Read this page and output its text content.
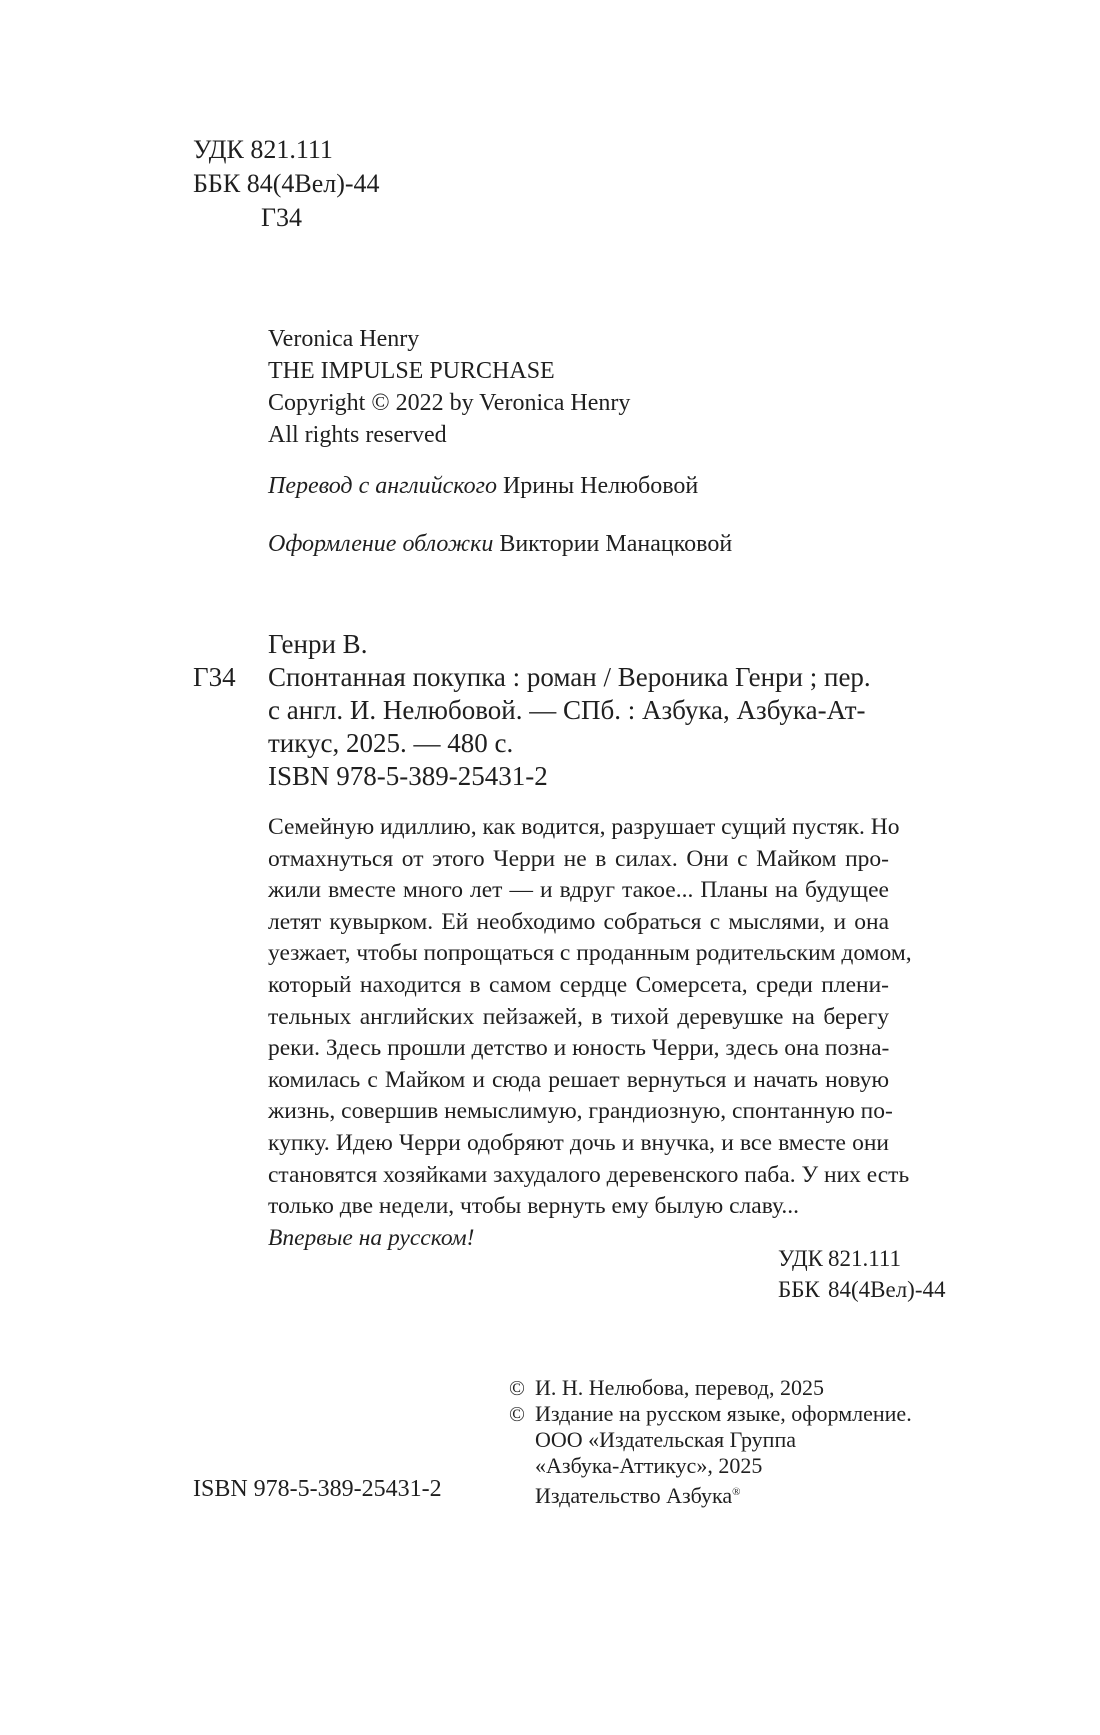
УДК 821.111
ББК 84(4Вел)-44
Г34
Veronica Henry
THE IMPULSE PURCHASE
Copyright © 2022 by Veronica Henry
All rights reserved
Перевод с английского Ирины Нелюбовой
Оформление обложки Виктории Манацковой
Генри В.
Г34 Спонтанная покупка : роман / Вероника Генри ; пер.
с англ. И. Нелюбовой. — СПб. : Азбука, Азбука-Ат-
тикус, 2025. — 480 с.
ISBN 978-5-389-25431-2
Семейную идиллию, как водится, разрушает сущий пустяк. Но
отмахнуться от этого Черри не в силах. Они с Майком про-
жили вместе много лет — и вдруг такое... Планы на будущее
летят кувырком. Ей необходимо собраться с мыслями, и она
уезжает, чтобы попрощаться с проданным родительским домом,
который находится в самом сердце Сомерсета, среди плени-
тельных английских пейзажей, в тихой деревушке на берегу
реки. Здесь прошли детство и юность Черри, здесь она позна-
комилась с Майком и сюда решает вернуться и начать новую
жизнь, совершив немыслимую, грандиозную, спонтанную по-
купку. Идею Черри одобряют дочь и внучка, и все вместе они
становятся хозяйками захудалого деревенского паба. У них есть
только две недели, чтобы вернуть ему былую славу...
Впервые на русском!
УДК 821.111
ББК 84(4Вел)-44
© И. Н. Нелюбова, перевод, 2025
© Издание на русском языке, оформление.
ООО «Издательская Группа
«Азбука-Аттикус», 2025
Издательство Азбука®
ISBN 978-5-389-25431-2
